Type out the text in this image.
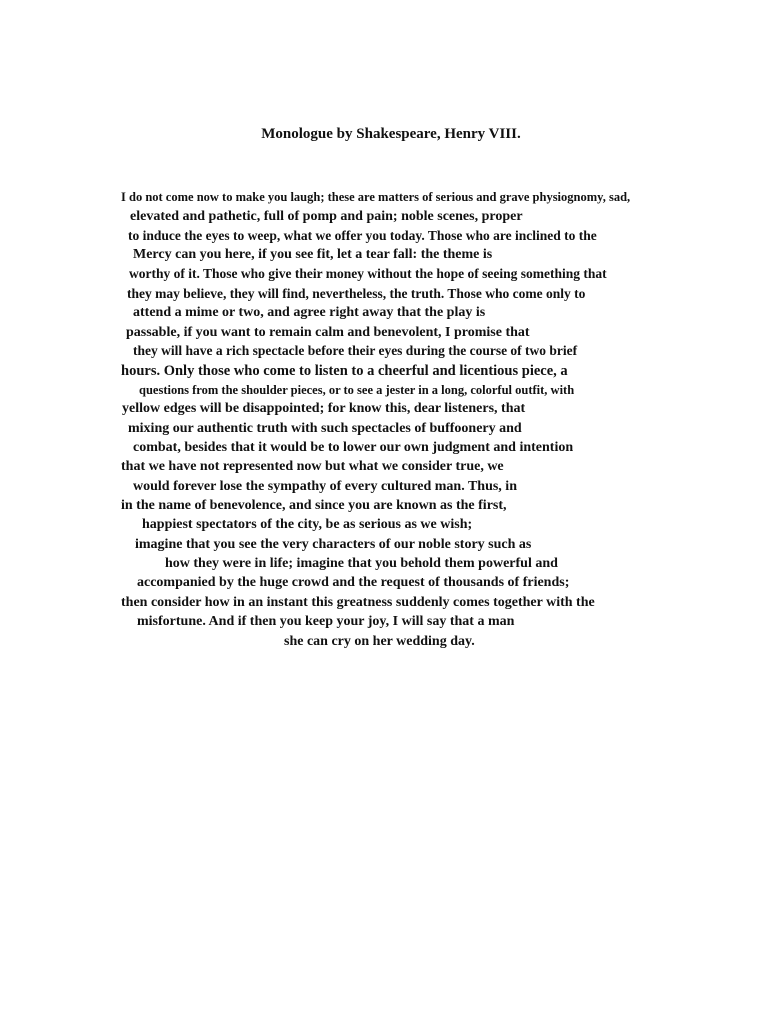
Monologue by Shakespeare, Henry VIII.
I do not come now to make you laugh; these are matters of serious and grave physiognomy, sad,
elevated and pathetic, full of pomp and pain; noble scenes, proper
to induce the eyes to weep, what we offer you today. Those who are inclined to the
Mercy can you here, if you see fit, let a tear fall: the theme is
worthy of it. Those who give their money without the hope of seeing something that
they may believe, they will find, nevertheless, the truth. Those who come only to
attend a mime or two, and agree right away that the play is
passable, if you want to remain calm and benevolent, I promise that
they will have a rich spectacle before their eyes during the course of two brief
hours. Only those who come to listen to a cheerful and licentious piece, a
questions from the shoulder pieces, or to see a jester in a long, colorful outfit, with
yellow edges will be disappointed; for know this, dear listeners, that
mixing our authentic truth with such spectacles of buffoonery and
combat, besides that it would be to lower our own judgment and intention
that we have not represented now but what we consider true, we
would forever lose the sympathy of every cultured man. Thus, in
in the name of benevolence, and since you are known as the first,
happiest spectators of the city, be as serious as we wish;
imagine that you see the very characters of our noble story such as
how they were in life; imagine that you behold them powerful and
accompanied by the huge crowd and the request of thousands of friends;
then consider how in an instant this greatness suddenly comes together with the
misfortune. And if then you keep your joy, I will say that a man
she can cry on her wedding day.
